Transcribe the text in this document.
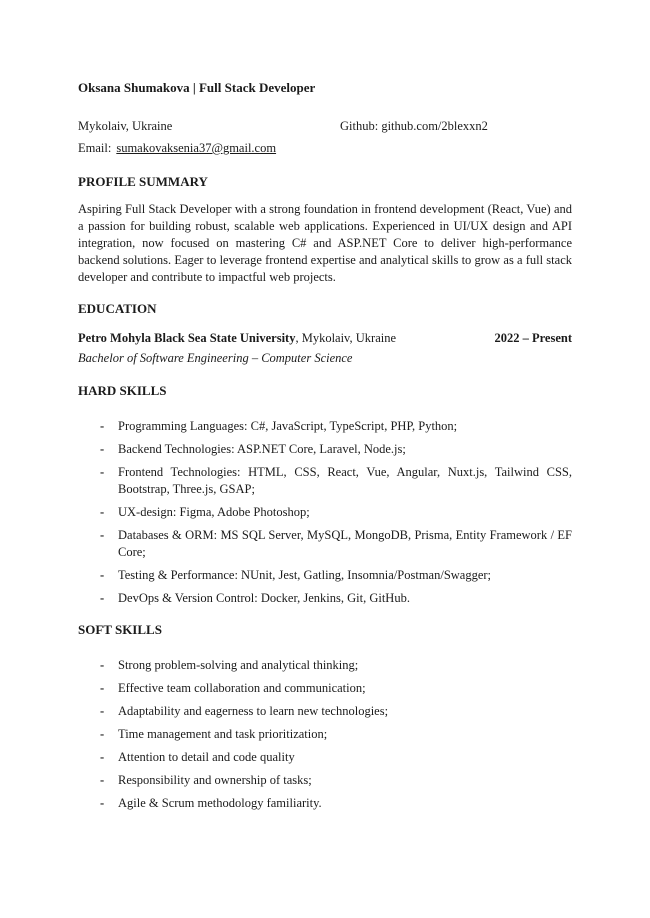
Oksana Shumakova | Full Stack Developer
Mykolaiv, Ukraine	Github: github.com/2blexxn2
Email: sumakovaksenia37@gmail.com
PROFILE SUMMARY

Aspiring Full Stack Developer with a strong foundation in frontend development (React, Vue) and a passion for building robust, scalable web applications. Experienced in UI/UX design and API integration, now focused on mastering C# and ASP.NET Core to deliver high-performance backend solutions. Eager to leverage frontend expertise and analytical skills to grow as a full stack developer and contribute to impactful web projects.

EDUCATION
Petro Mohyla Black Sea State University, Mykolaiv, Ukraine	2022 – Present
Bachelor of Software Engineering – Computer Science
HARD SKILLS
-	Programming Languages: C#, JavaScript, TypeScript, PHP, Python;
-	Backend Technologies: ASP.NET Core, Laravel, Node.js;
-	Frontend Technologies: HTML, CSS, React, Vue, Angular, Nuxt.js, Tailwind CSS, Bootstrap, Three.js, GSAP;
-	UX-design: Figma, Adobe Photoshop;
-	Databases & ORM: MS SQL Server, MySQL, MongoDB, Prisma, Entity Framework / EF Core;
-	Testing & Performance: NUnit, Jest, Gatling, Insomnia/Postman/Swagger;
-	DevOps & Version Control: Docker, Jenkins, Git, GitHub.
SOFT SKILLS
-	Strong problem-solving and analytical thinking;
-	Effective team collaboration and communication;
-	Adaptability and eagerness to learn new technologies;
-	Time management and task prioritization;
-	Attention to detail and code quality
-	Responsibility and ownership of tasks;
-	Agile & Scrum methodology familiarity.
